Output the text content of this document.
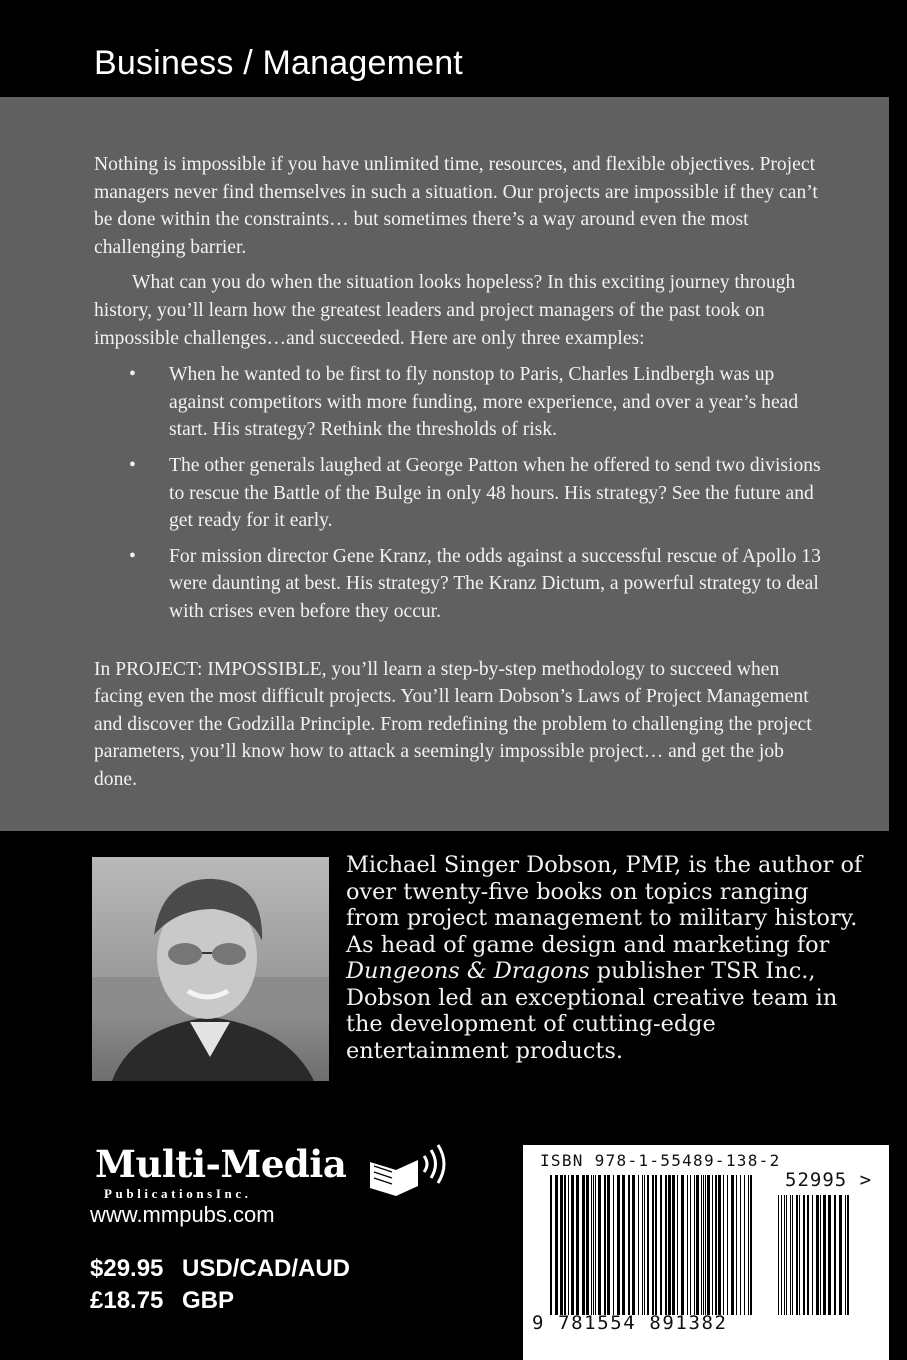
Business / Management

Nothing is impossible if you have unlimited time, resources, and flexible objectives. Project managers never find themselves in such a situation. Our projects are impossible if they can’t be done within the constraints… but sometimes there’s a way around even the most challenging barrier.

What can you do when the situation looks hopeless? In this exciting journey through history, you’ll learn how the greatest leaders and project managers of the past took on impossible challenges…and succeeded. Here are only three examples:

• When he wanted to be first to fly nonstop to Paris, Charles Lindbergh was up against competitors with more funding, more experience, and over a year’s head start. His strategy? Rethink the thresholds of risk.
• The other generals laughed at George Patton when he offered to send two divisions to rescue the Battle of the Bulge in only 48 hours. His strategy? See the future and get ready for it early.
• For mission director Gene Kranz, the odds against a successful rescue of Apollo 13 were daunting at best. His strategy? The Kranz Dictum, a powerful strategy to deal with crises even before they occur.

In PROJECT: IMPOSSIBLE, you’ll learn a step-by-step methodology to succeed when facing even the most difficult projects. You’ll learn Dobson’s Laws of Project Management and discover the Godzilla Principle. From redefining the problem to challenging the project parameters, you’ll know how to attack a seemingly impossible project… and get the job done.

Michael Singer Dobson, PMP, is the author of over twenty-five books on topics ranging from project management to military history. As head of game design and marketing for Dungeons & Dragons publisher TSR Inc., Dobson led an exceptional creative team in the development of cutting-edge entertainment products.
Multi-Media
PublicationsInc.
www.mmpubs.com
$29.95 USD/CAD/AUD
£18.75 GBP
ISBN 978-1-55489-138-2
52995 >
9 781554 891382
